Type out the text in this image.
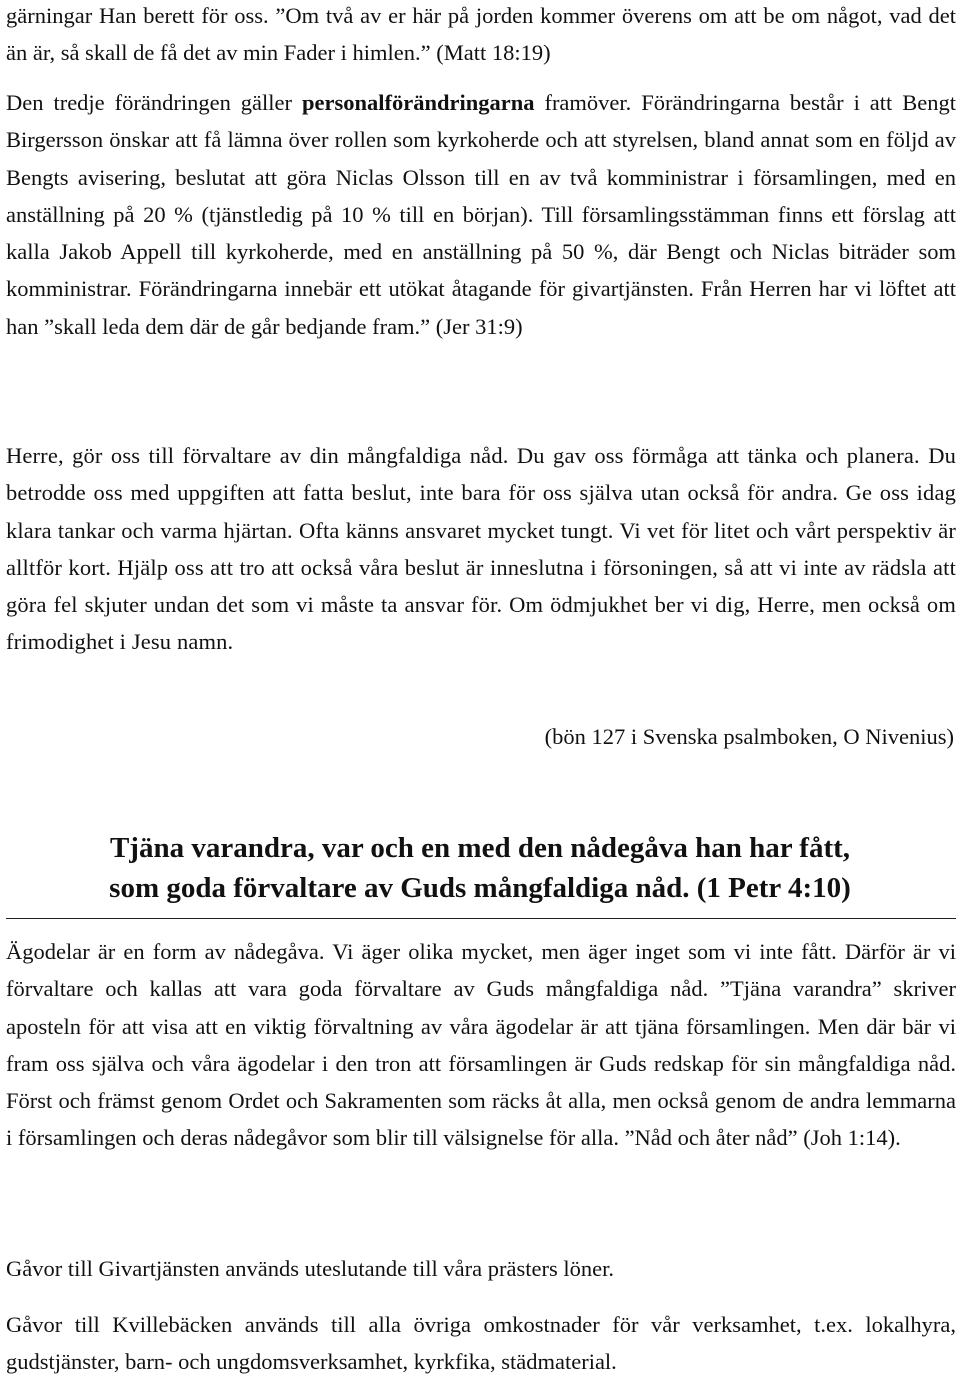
gärningar Han berett för oss. ”Om två av er här på jorden kommer överens om att be om något, vad det än är, så skall de få det av min Fader i himlen.” (Matt 18:19)

Den tredje förändringen gäller personalförändringarna framöver. Förändringarna består i att Bengt Birgersson önskar att få lämna över rollen som kyrkoherde och att styrelsen, bland annat som en följd av Bengts avisering, beslutat att göra Niclas Olsson till en av två komministrar i församlingen, med en anställning på 20 % (tjänstledig på 10 % till en början). Till församlingsstämman finns ett förslag att kalla Jakob Appell till kyrkoherde, med en anställning på 50 %, där Bengt och Niclas biträder som komministrar. Förändringarna innebär ett utökat åtagande för givartjänsten. Från Herren har vi löftet att han ”skall leda dem där de går bedjande fram.” (Jer 31:9)

Herre, gör oss till förvaltare av din mångfaldiga nåd. Du gav oss förmåga att tänka och planera. Du betrodde oss med uppgiften att fatta beslut, inte bara för oss själva utan också för andra. Ge oss idag klara tankar och varma hjärtan. Ofta känns ansvaret mycket tungt. Vi vet för litet och vårt perspektiv är alltför kort. Hjälp oss att tro att också våra beslut är inneslutna i försoningen, så att vi inte av rädsla att göra fel skjuter undan det som vi måste ta ansvar för. Om ödmjukhet ber vi dig, Herre, men också om frimodighet i Jesu namn.

(bön 127 i Svenska psalmboken, O Nivenius)

Tjäna varandra, var och en med den nådegåva han har fått,
som goda förvaltare av Guds mångfaldiga nåd. (1 Petr 4:10)

Ägodelar är en form av nådegåva. Vi äger olika mycket, men äger inget som vi inte fått. Därför är vi förvaltare och kallas att vara goda förvaltare av Guds mångfaldiga nåd. ”Tjäna varandra” skriver aposteln för att visa att en viktig förvaltning av våra ägodelar är att tjäna församlingen. Men där bär vi fram oss själva och våra ägodelar i den tron att församlingen är Guds redskap för sin mångfaldiga nåd. Först och främst genom Ordet och Sakramenten som räcks åt alla, men också genom de andra lemmarna i församlingen och deras nådegåvor som blir till välsignelse för alla. ”Nåd och åter nåd” (Joh 1:14).

Gåvor till Givartjänsten används uteslutande till våra prästers löner.

Gåvor till Kvillebäcken används till alla övriga omkostnader för vår verksamhet, t.ex. lokalhyra, gudstjänster, barn- och ungdomsverksamhet, kyrkfika, städmaterial.
